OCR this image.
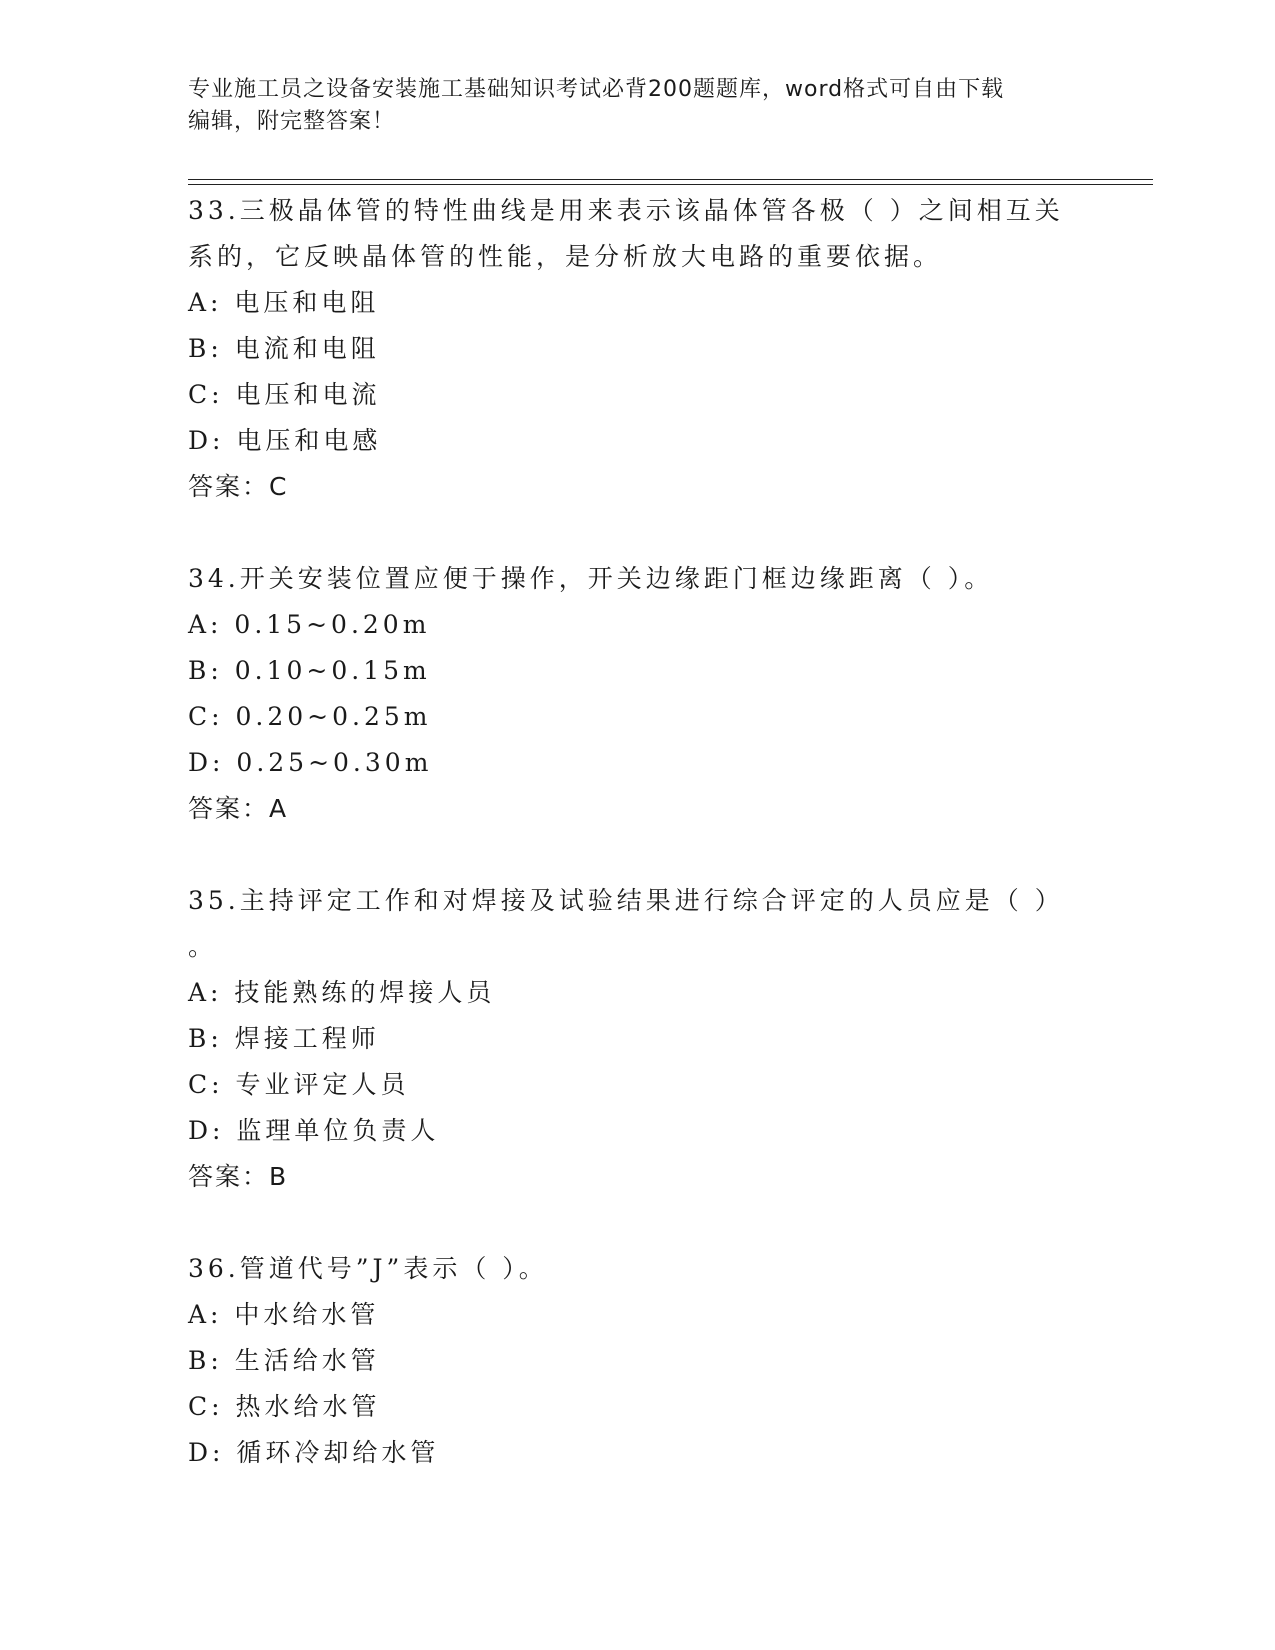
专业施工员之设备安装施工基础知识考试必背200题题库，word格式可自由下载
编辑，附完整答案！

33.三极晶体管的特性曲线是用来表示该晶体管各极（ ）之间相互关

系的，它反映晶体管的性能，是分析放大电路的重要依据。

A: 电压和电阻

B: 电流和电阻

C: 电压和电流

D: 电压和电感

答案：C

34.开关安装位置应便于操作，开关边缘距门框边缘距离（ ）。

A: 0.15~0.20m

B: 0.10~0.15m

C: 0.20~0.25m

D: 0.25~0.30m

答案：A

35.主持评定工作和对焊接及试验结果进行综合评定的人员应是（ ）

。

A: 技能熟练的焊接人员

B: 焊接工程师

C: 专业评定人员

D: 监理单位负责人

答案：B

36.管道代号”J”表示（ ）。

A: 中水给水管

B: 生活给水管

C: 热水给水管

D: 循环冷却给水管
